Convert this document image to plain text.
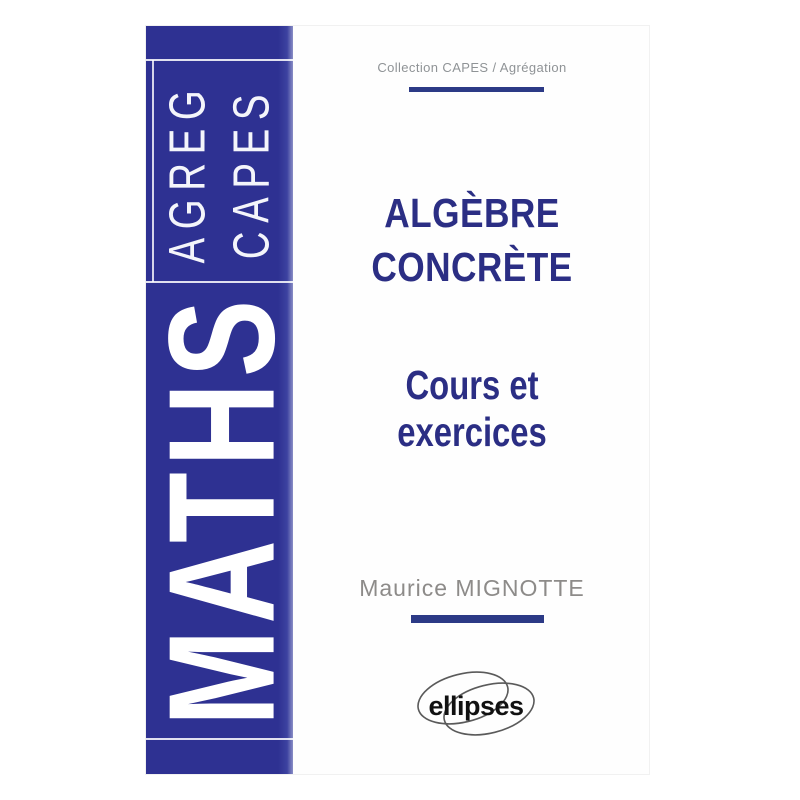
AGREG CAPES
MATHS
Collection CAPES / Agrégation
ALGÈBRE
CONCRÈTE
Cours et exercices
Maurice MIGNOTTE
ellipses
